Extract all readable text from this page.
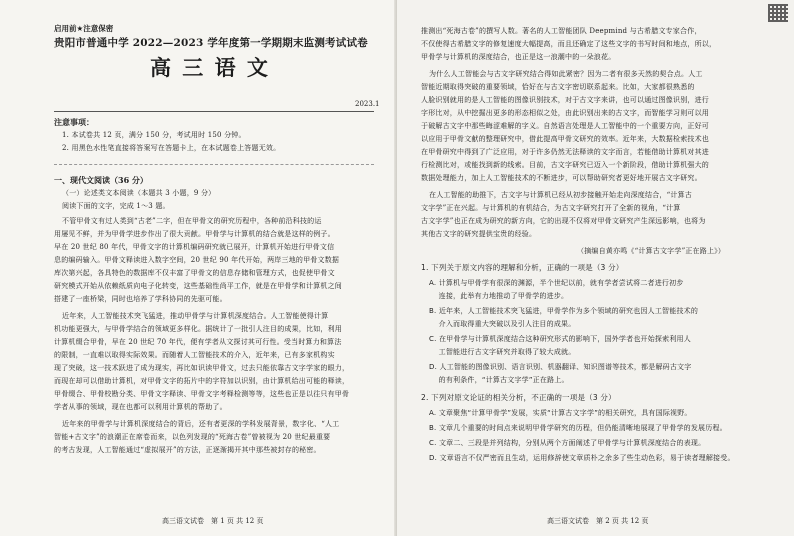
启用前★注意保密
贵阳市普通中学 2022—2023 学年度第一学期期末监测考试试卷
高 三 语 文
2023.1
注意事项：
1. 本试卷共 12 页，满分 150 分，考试用时 150 分钟。
2. 用黑色水性笔直接将答案写在答题卡上，在本试题卷上答题无效。
一、现代文阅读（36 分）
（一）论述类文本阅读（本题共 3 小题，9 分）
阅读下面的文字，完成 1～3 题。
不管甲骨文有过人类到“古老”二字，但在甲骨文的研究历程中，各种前沿科技的运
用屡见不鲜，并为甲骨学进步作出了很大贡献。甲骨学与计算机的结合就是这样的例子。
早在 20 世纪 80 年代，甲骨文字的计算机编码研究就已展开，计算机开始进行甲骨文信
息的编码输入。甲骨文释读进入数字空间，20 世纪 90 年代开始，两岸三地的甲骨文数据
库次第兴起，各具特色的数据库不仅丰富了甲骨文的信息存储和管理方式，也促使甲骨文
研究模式开始从依赖纸质向电子化转变，这些基础性尚平工作，就是在甲骨学和计算机之间
搭建了一座桥梁，同时也培养了学科协同的先驱可能。
近年来，人工智能技术突飞猛进，推动甲骨学与计算机深度结合。人工智能使得计算
机功能更强大，与甲骨学结合的领域更多样化。据统计了一批引人注目的成果，比如，利用
计算机缀合甲骨，早在 20 世纪 70 年代，便有学者从文探讨其可行性。受当时算力和算法
的限制，一直难以取得实际效果。而随着人工智能技术的介入，近年来，已有多家机构实
现了突破，这一技术跃进了成为现实，再比如识读甲骨文，过去只能依靠古文字学家的眼力，
而现在却可以借助计算机，对甲骨文字的拓片中的字符加以识别，由计算机给出可能的释读，
甲骨缀合、甲骨校勘分类、甲骨文字释读、甲骨文字考释检测等等，这些也正是以往只有甲骨
学者从事的领域，现在也都可以利用计算机的帮助了。
近年来的甲骨学与计算机深度结合的背后，还有者更深的学科发展背景，数字化、“人工
智能+古文字”的浪潮正在席卷而来，以色列发现的“死海古卷”曾被视为 20 世纪最重要
的考古发现，人工智能通过“虚拟展开”的方法，正逐渐揭开其中那些被封存的秘密。
高三语文试卷　第 1 页 共 12 页
推测出“死海古卷”的撰写人数。著名的人工智能团队 Deepmind 与古希腊文专家合作，
不仅使得古希腊文字的修复速度大幅提高，而且还确定了这些文字的书写时间和地点，所以，
甲骨学与计算机的深度结合，也正是这一浪潮中的一朵浪花。
为什么人工智能会与古文字研究结合得如此紧密？因为二者有很多天然的契合点。人工
智能近期取得突破的重要领域，恰好在与古文字密切联系起来。比如，大家都很熟悉的
人脸识别就用的是人工智能的图像识别技术，对于古文字来讲，也可以通过图像识别，进行
字形比对，从中挖掘出更多的形态相似之处，由此识别出来的古文字，而智能学习则可以用
于破解古文字中那些晦涩难解的字义。自然语言处理是人工智能中的一个重要方向，正好可
以应用于甲骨文献的整理研究中，借此提高甲骨文研究的效率。近年来，大数据检索技术也
在甲骨研究中得到了广泛应用，对于许多仍然无法释读的文字而言，若能借助计算机对其进
行检测比对，或能找到新的线索。目前，古文字研究已迈入一个新阶段，借助计算机强大的
数据处理能力，加上人工智能技术的不断进步，可以帮助研究者更好地开展古文字研究。
在人工智能的助推下，古文字与计算机已经从初步接触开始走向深度结合，“计算古
文字学”正在兴起。与计算机的有机结合，为古文字研究打开了全新的视角，“计算
古文字学”也正在成为研究的新方向，它的出现不仅将对甲骨文研究产生深远影响，也将为
其他古文字的研究提供宝贵的经验。
（摘编自黄亦鸣《“计算古文字学”正在路上》）
1. 下列关于原文内容的理解和分析，正确的一项是（3 分）
A. 计算机与甲骨学有很深的渊源，半个世纪以前，就有学者尝试将二者进行初步
　 连接，此举有力地推动了甲骨学的进步。
B. 近年来，人工智能技术突飞猛进，甲骨学作为多个领域的研究也因人工智能技术的
　 介入而取得重大突破以及引人注目的成果。
C. 在甲骨学与计算机深度结合这种研究形式的影响下，国外学者也开始探索利用人
　 工智能进行古文字研究并取得了较大成就。
D. 人工智能的图像识别、语言识别、机器翻译、知识图谱等技术，都是解码古文字
　 的有利条件，“计算古文字学”正在路上。
2. 下列对原文论证的相关分析，不正确的一项是（3 分）
A. 文章聚焦“计算甲骨学”发展，实质“计算古文字学”的相关研究，具有国际视野。
B. 文章几个重要的时间点来说明甲骨学研究的历程，但仍能清晰地展现了甲骨学的发展历程。
C. 文章二、三段是并列结构，分别从两个方面阐述了甲骨学与计算机深度结合的表现。
D. 文章语言不仅严密而且生动，运用修辞使文章质朴之余多了些生动色彩，易于读者理解接受。
高三语文试卷　第 2 页 共 12 页
